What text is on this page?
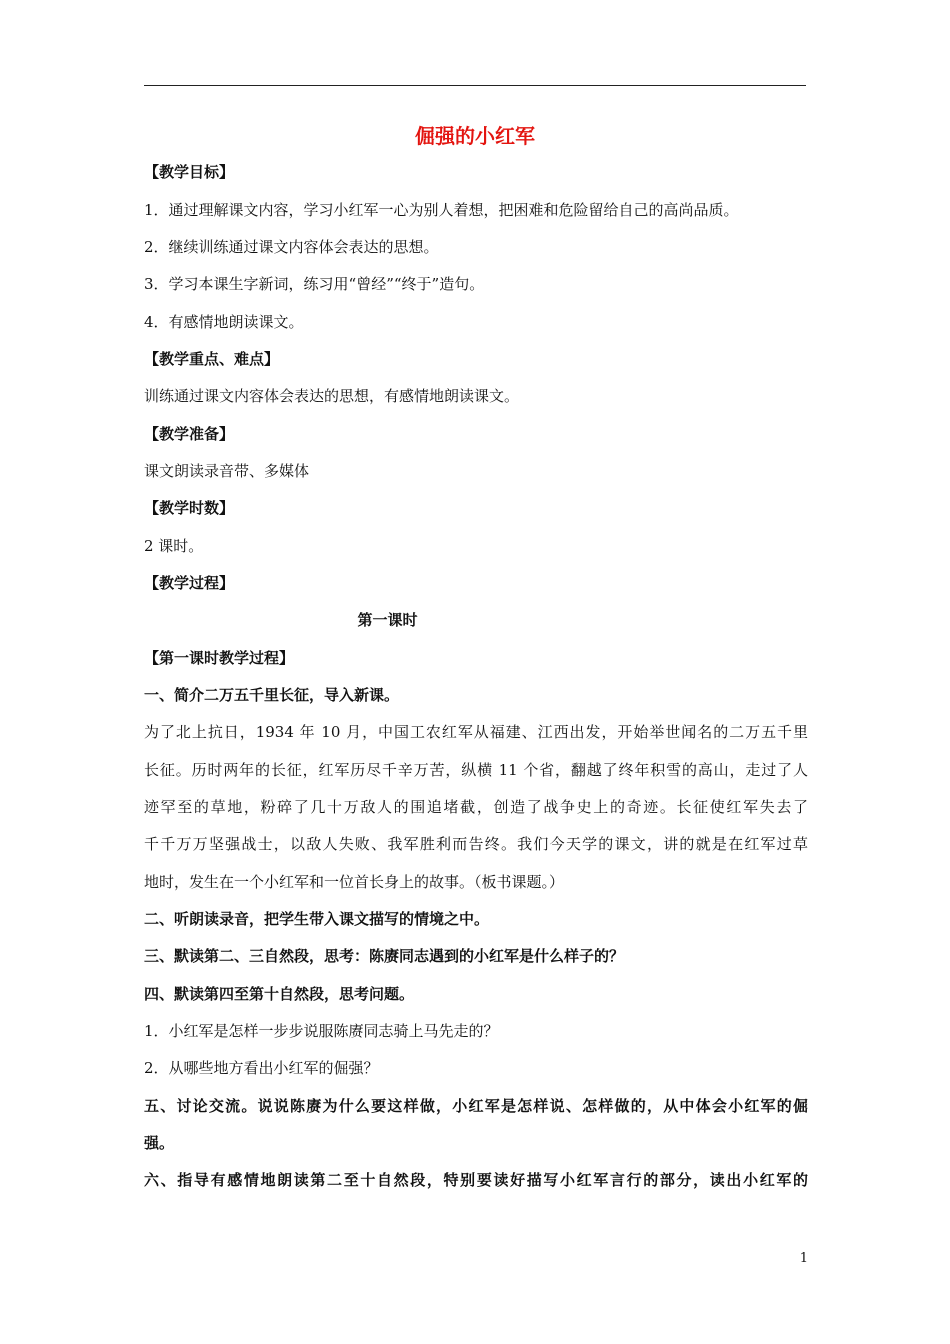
倔强的小红军
【教学目标】
1．通过理解课文内容，学习小红军一心为别人着想，把困难和危险留给自己的高尚品质。
2．继续训练通过课文内容体会表达的思想。
3．学习本课生字新词，练习用“曾经”“终于”造句。
4．有感情地朗读课文。
【教学重点、难点】
训练通过课文内容体会表达的思想，有感情地朗读课文。
【教学准备】
课文朗读录音带、多媒体
【教学时数】
2 课时。
【教学过程】
第一课时
【第一课时教学过程】
一、简介二万五千里长征，导入新课。
为了北上抗日，1934 年 10 月，中国工农红军从福建、江西出发，开始举世闻名的二万五千里
长征。历时两年的长征，红军历尽千辛万苦，纵横 11 个省，翻越了终年积雪的高山，走过了人
迹罕至的草地，粉碎了几十万敌人的围追堵截，创造了战争史上的奇迹。长征使红军失去了
千千万万坚强战士，以敌人失败、我军胜利而告终。我们今天学的课文，讲的就是在红军过草
地时，发生在一个小红军和一位首长身上的故事。（板书课题。）
二、听朗读录音，把学生带入课文描写的情境之中。
三、默读第二、三自然段，思考：陈赓同志遇到的小红军是什么样子的？
四、默读第四至第十自然段，思考问题。
1．小红军是怎样一步步说服陈赓同志骑上马先走的？
2．从哪些地方看出小红军的倔强？
五、讨论交流。说说陈赓为什么要这样做，小红军是怎样说、怎样做的，从中体会小红军的倔
强。
六、指导有感情地朗读第二至十自然段，特别要读好描写小红军言行的部分，读出小红军的
1
